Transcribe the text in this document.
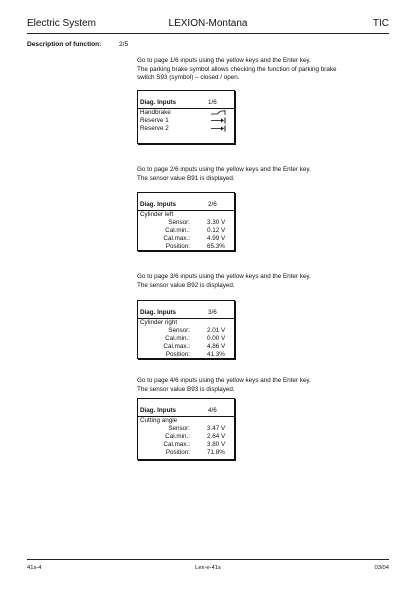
Electric System	LEXION-Montana	TIC
Description of function:	2/5

Go to page 1/6 inputs using the yellow keys and the Enter key.

The parking brake symbol allows checking the function of parking brake

switch S93 (symbol) – closed / open.

Diag. Inputs	1/6
Handbrake
Reserve 1
Reserve 2

Go to page 2/6 inputs using the yellow keys and the Enter key.

The sensor value B91 is displayed.

Diag. Inputs	2/6
Cylinder left
Sensor:	3.30 V
Cal.min.:	0.12 V
Cal.max.:	4.99 V
Position:	65.3%

Go to page 3/6 inputs using the yellow keys and the Enter key.

The sensor value B92 is displayed.

Diag. Inputs	3/6
Cylinder right
Sensor:	2.01 V
Cal.min.:	0.00 V
Cal.max.:	4.86 V
Position:	41.3%

Go to page 4/6 inputs using the yellow keys and the Enter key.

The sensor value B93 is displayed.

Diag. Inputs	4/6
Cutting angle
Sensor:	3.47 V
Cal.min.:	2.64 V
Cal.max.:	3.80 V
Position:	71.8%
41s-4	Lex-e-41s	03/04
